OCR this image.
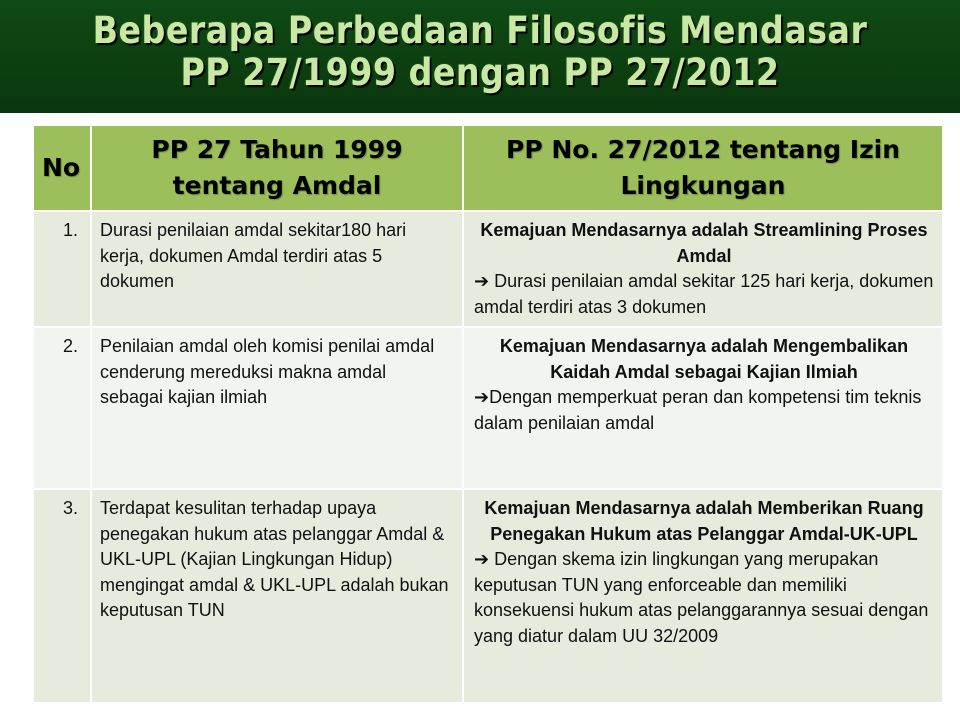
Beberapa Perbedaan Filosofis Mendasar
PP 27/1999 dengan PP 27/2012
No	PP 27 Tahun 1999 tentang Amdal	PP No. 27/2012 tentang Izin Lingkungan
1.	Durasi penilaian amdal sekitar180 hari kerja, dokumen Amdal terdiri atas 5 dokumen	Kemajuan Mendasarnya adalah Streamlining Proses Amdal
➔ Durasi penilaian amdal sekitar 125 hari kerja, dokumen amdal terdiri atas 3 dokumen

2.	Penilaian amdal oleh komisi penilai amdal cenderung mereduksi makna amdal sebagai kajian ilmiah	Kemajuan Mendasarnya adalah Mengembalikan Kaidah Amdal sebagai Kajian Ilmiah
➔Dengan memperkuat peran dan kompetensi tim teknis dalam penilaian amdal

3.	Terdapat kesulitan terhadap upaya penegakan hukum atas pelanggar Amdal & UKL-UPL (Kajian Lingkungan Hidup) mengingat amdal & UKL-UPL adalah bukan keputusan TUN	Kemajuan Mendasarnya adalah Memberikan Ruang Penegakan Hukum atas Pelanggar Amdal-UK-UPL
➔ Dengan skema izin lingkungan yang merupakan keputusan TUN yang enforceable dan memiliki konsekuensi hukum atas pelanggarannya sesuai dengan yang diatur dalam UU 32/2009
